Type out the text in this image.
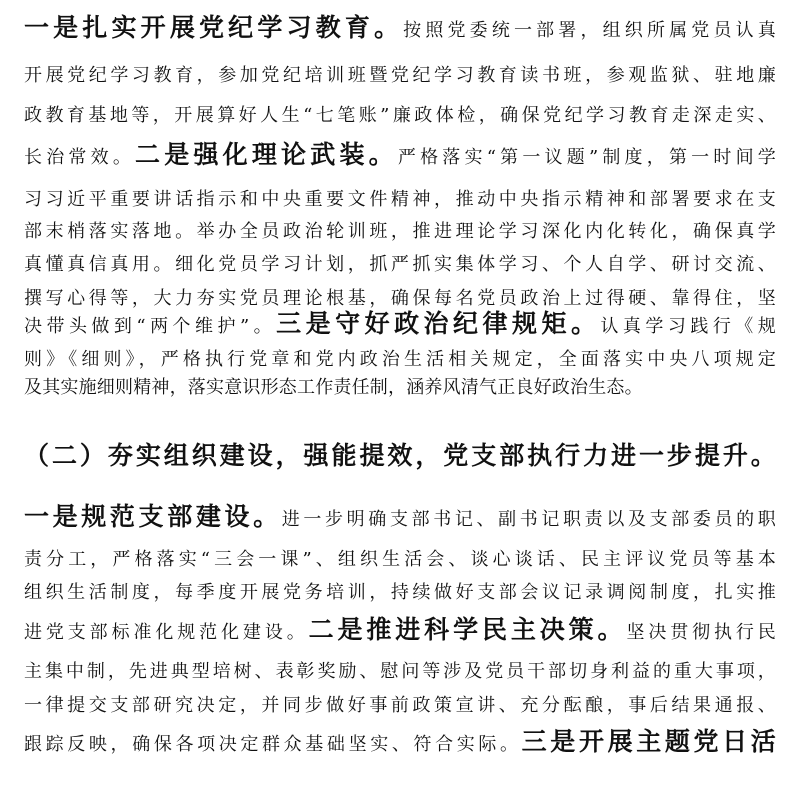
一是扎实开展党纪学习教育。按照党委统一部署，组织所属党员认真
开展党纪学习教育，参加党纪培训班暨党纪学习教育读书班，参观监狱、驻地廉
政教育基地等，开展算好人生“七笔账”廉政体检，确保党纪学习教育走深走实、
长治常效。二是强化理论武装。严格落实“第一议题”制度，第一时间学
习习近平重要讲话指示和中央重要文件精神，推动中央指示精神和部署要求在支
部末梢落实落地。举办全员政治轮训班，推进理论学习深化内化转化，确保真学
真懂真信真用。细化党员学习计划，抓严抓实集体学习、个人自学、研讨交流、
撰写心得等，大力夯实党员理论根基，确保每名党员政治上过得硬、靠得住，坚
决带头做到“两个维护”。三是守好政治纪律规矩。认真学习践行《规
则》《细则》，严格执行党章和党内政治生活相关规定，全面落实中央八项规定
及其实施细则精神，落实意识形态工作责任制，涵养风清气正良好政治生态。
（二）夯实组织建设，强能提效，党支部执行力进一步提升。
一是规范支部建设。进一步明确支部书记、副书记职责以及支部委员的职
责分工，严格落实“三会一课”、组织生活会、谈心谈话、民主评议党员等基本
组织生活制度，每季度开展党务培训，持续做好支部会议记录调阅制度，扎实推
进党支部标准化规范化建设。二是推进科学民主决策。坚决贯彻执行民
主集中制，先进典型培树、表彰奖励、慰问等涉及党员干部切身利益的重大事项，
一律提交支部研究决定，并同步做好事前政策宣讲、充分酝酿，事后结果通报、
跟踪反映，确保各项决定群众基础坚实、符合实际。三是开展主题党日活
